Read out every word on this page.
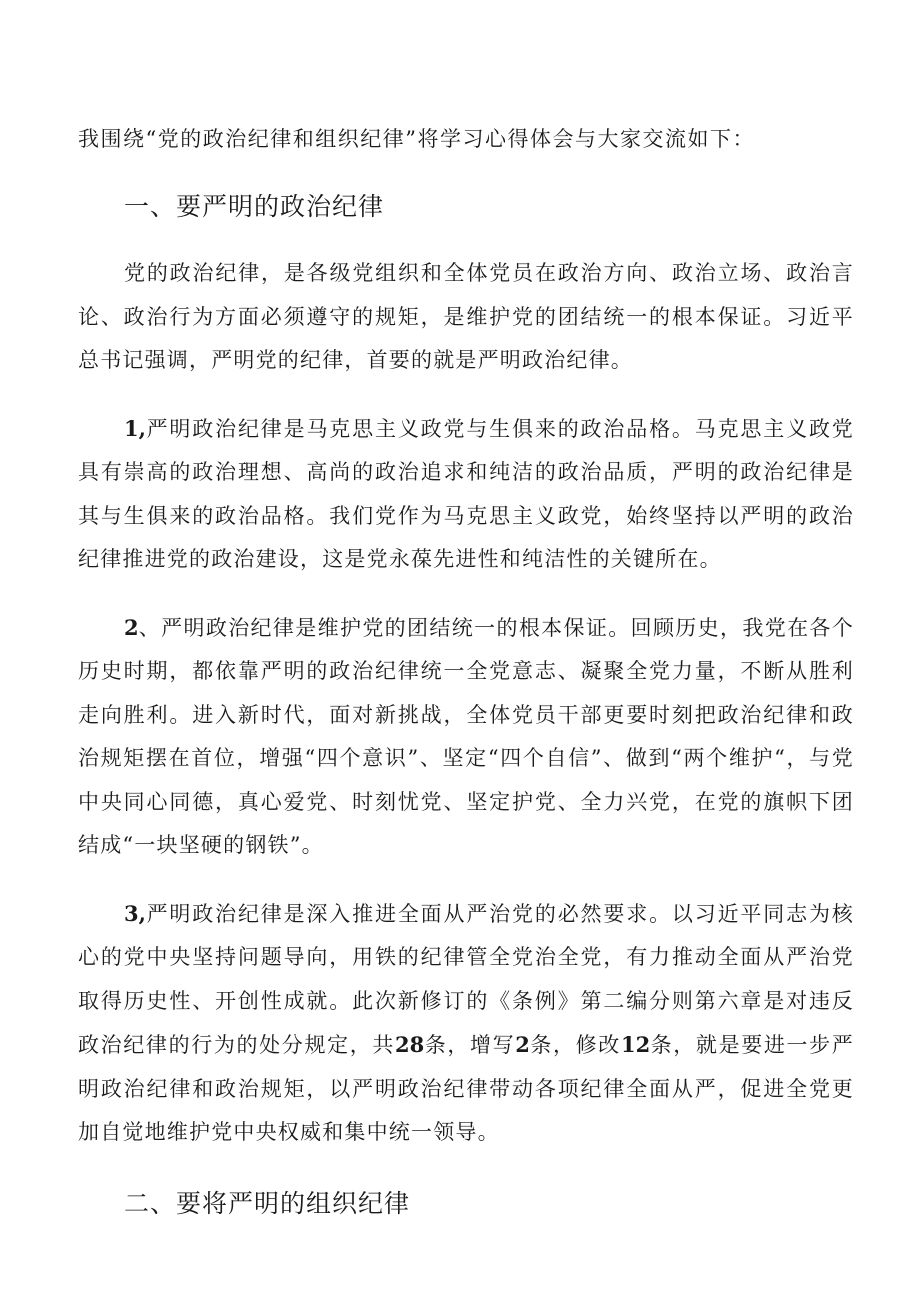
我围绕“党的政治纪律和组织纪律”将学习心得体会与大家交流如下：

一、要严明的政治纪律

党的政治纪律，是各级党组织和全体党员在政治方向、政治立场、政治言论、政治行为方面必须遵守的规矩，是维护党的团结统一的根本保证。习近平总书记强调，严明党的纪律，首要的就是严明政治纪律。

1,严明政治纪律是马克思主义政党与生俱来的政治品格。马克思主义政党具有崇高的政治理想、高尚的政治追求和纯洁的政治品质，严明的政治纪律是其与生俱来的政治品格。我们党作为马克思主义政党，始终坚持以严明的政治纪律推进党的政治建设，这是党永葆先进性和纯洁性的关键所在。

2、严明政治纪律是维护党的团结统一的根本保证。回顾历史，我党在各个历史时期，都依靠严明的政治纪律统一全党意志、凝聚全党力量，不断从胜利走向胜利。进入新时代，面对新挑战，全体党员干部更要时刻把政治纪律和政治规矩摆在首位，增强“四个意识”、坚定“四个自信”、做到“两个维护“，与党中央同心同德，真心爱党、时刻忧党、坚定护党、全力兴党，在党的旗帜下团结成“一块坚硬的钢铁”。

3,严明政治纪律是深入推进全面从严治党的必然要求。以习近平同志为核心的党中央坚持问题导向，用铁的纪律管全党治全党，有力推动全面从严治党取得历史性、开创性成就。此次新修订的《条例》第二编分则第六章是对违反政治纪律的行为的处分规定，共28条，增写2条，修改12条，就是要进一步严明政治纪律和政治规矩，以严明政治纪律带动各项纪律全面从严，促进全党更加自觉地维护党中央权威和集中统一领导。

二、要将严明的组织纪律
